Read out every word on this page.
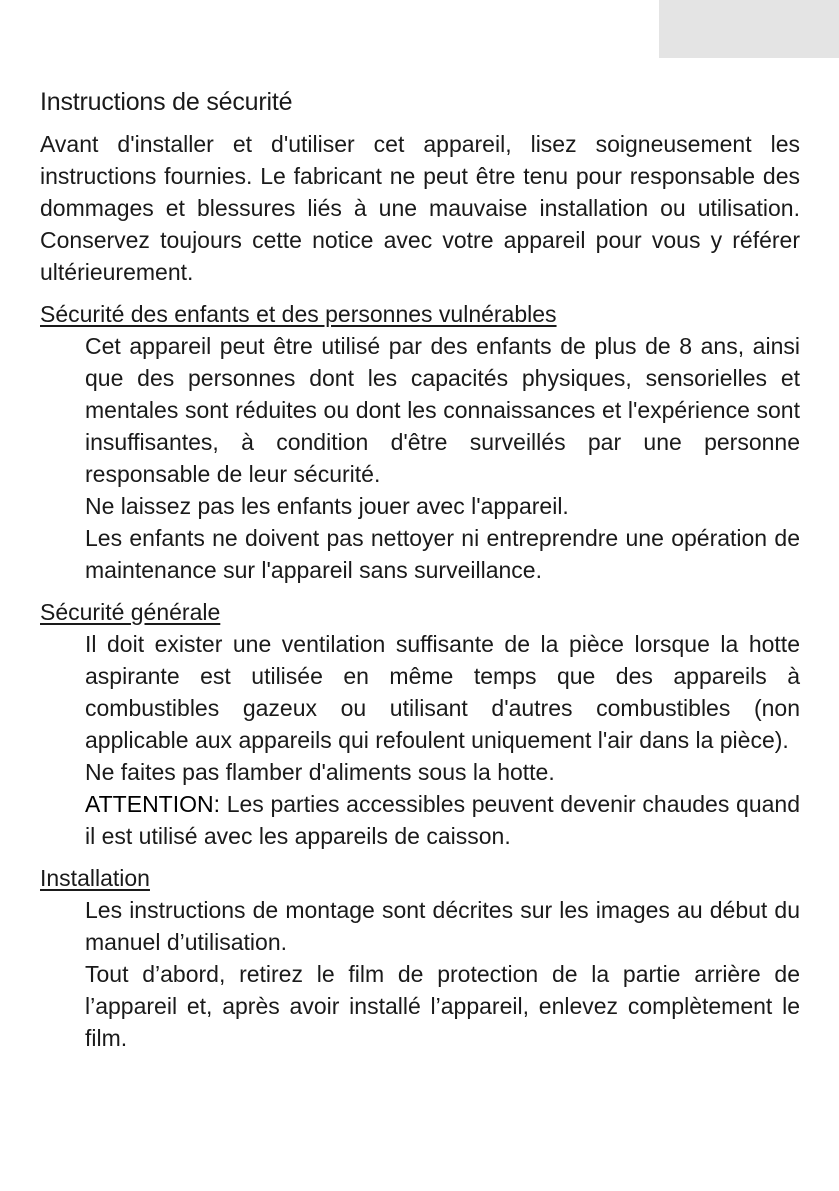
Instructions de sécurité

Avant d'installer et d'utiliser cet appareil, lisez soigneusement les instructions fournies. Le fabricant ne peut être tenu pour responsable des dommages et blessures liés à une mauvaise installation ou utilisation. Conservez toujours cette notice avec votre appareil pour vous y référer ultérieurement.

Sécurité des enfants et des personnes vulnérables

Cet appareil peut être utilisé par des enfants de plus de 8 ans, ainsi que des personnes dont les capacités physiques, sensorielles et mentales sont réduites ou dont les connaissances et l'expérience sont insuffisantes, à condition d'être surveillés par une personne responsable de leur sécurité.

Ne laissez pas les enfants jouer avec l'appareil.

Les enfants ne doivent pas nettoyer ni entreprendre une opération de maintenance sur l'appareil sans surveillance.

Sécurité générale

Il doit exister une ventilation suffisante de la pièce lorsque la hotte aspirante est utilisée en même temps que des appareils à combustibles gazeux ou utilisant d'autres combustibles (non applicable aux appareils qui refoulent uniquement l'air dans la pièce).

Ne faites pas flamber d'aliments sous la hotte.

ATTENTION: Les parties accessibles peuvent devenir chaudes quand il est utilisé avec les appareils de caisson.

Installation

Les instructions de montage sont décrites sur les images au début du manuel d’utilisation.

Tout d’abord, retirez le film de protection de la partie arrière de l’appareil et, après avoir installé l’appareil, enlevez complètement le film.
